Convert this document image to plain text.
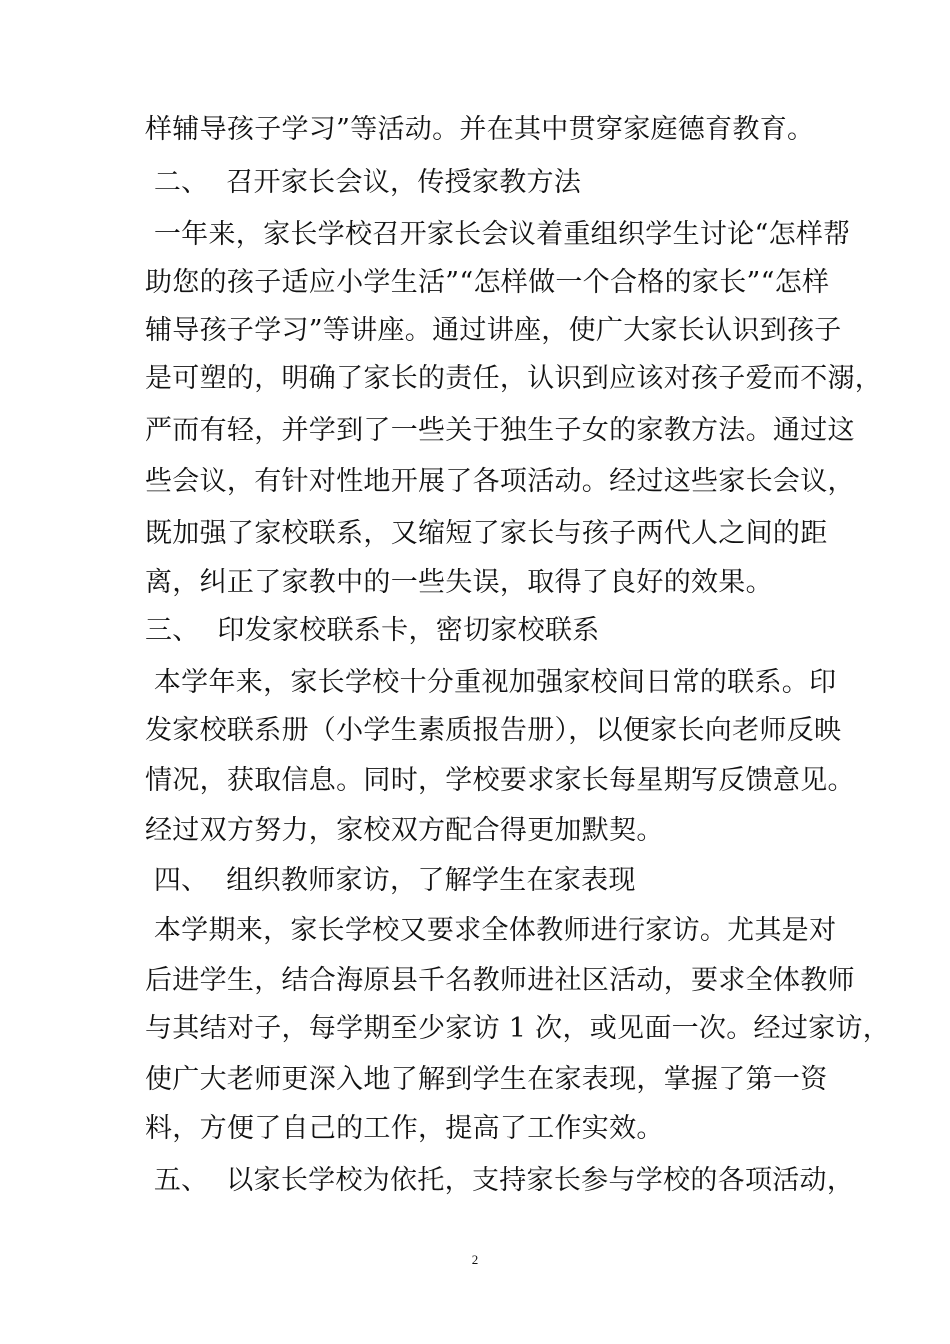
样辅导孩子学习”等活动。并在其中贯穿家庭德育教育。
二、  召开家长会议，传授家教方法
一年来，家长学校召开家长会议着重组织学生讨论“怎样帮
助您的孩子适应小学生活”“怎样做一个合格的家长”“怎样
辅导孩子学习”等讲座。通过讲座，使广大家长认识到孩子
是可塑的，明确了家长的责任，认识到应该对孩子爱而不溺，
严而有轻，并学到了一些关于独生子女的家教方法。通过这
些会议，有针对性地开展了各项活动。经过这些家长会议，
既加强了家校联系，又缩短了家长与孩子两代人之间的距
离，纠正了家教中的一些失误，取得了良好的效果。
三、  印发家校联系卡，密切家校联系
本学年来，家长学校十分重视加强家校间日常的联系。印
发家校联系册（小学生素质报告册），以便家长向老师反映
情况，获取信息。同时，学校要求家长每星期写反馈意见。
经过双方努力，家校双方配合得更加默契。
四、  组织教师家访，了解学生在家表现
本学期来，家长学校又要求全体教师进行家访。尤其是对
后进学生，结合海原县千名教师进社区活动，要求全体教师
与其结对子，每学期至少家访 1 次，或见面一次。经过家访，
使广大老师更深入地了解到学生在家表现，掌握了第一资
料，方便了自己的工作，提高了工作实效。
五、  以家长学校为依托，支持家长参与学校的各项活动，
2
